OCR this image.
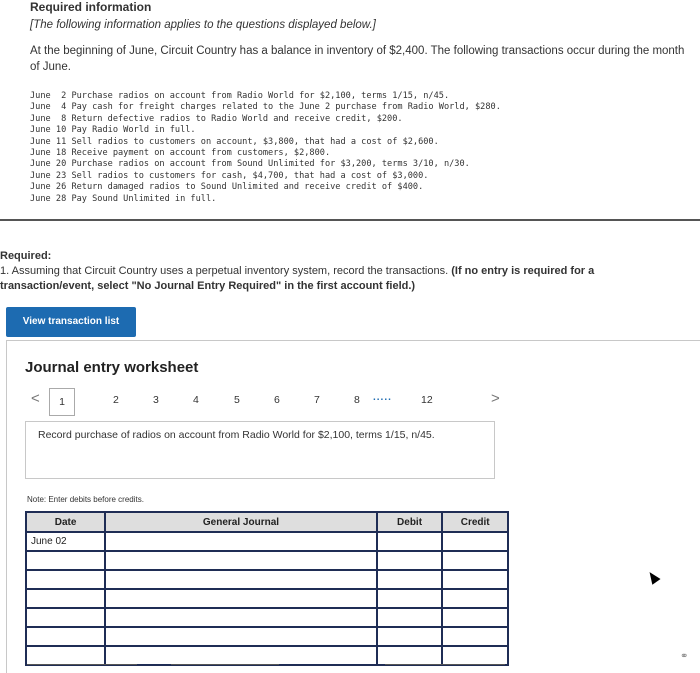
Required information
[The following information applies to the questions displayed below.]
At the beginning of June, Circuit Country has a balance in inventory of $2,400. The following transactions occur during the month of June.
June  2 Purchase radios on account from Radio World for $2,100, terms 1/15, n/45.
June  4 Pay cash for freight charges related to the June 2 purchase from Radio World, $280.
June  8 Return defective radios to Radio World and receive credit, $200.
June 10 Pay Radio World in full.
June 11 Sell radios to customers on account, $3,800, that had a cost of $2,600.
June 18 Receive payment on account from customers, $2,800.
June 20 Purchase radios on account from Sound Unlimited for $3,200, terms 3/10, n/30.
June 23 Sell radios to customers for cash, $4,700, that had a cost of $3,000.
June 26 Return damaged radios to Sound Unlimited and receive credit of $400.
June 28 Pay Sound Unlimited in full.
Required:
1. Assuming that Circuit Country uses a perpetual inventory system, record the transactions. (If no entry is required for a transaction/event, select "No Journal Entry Required" in the first account field.)
View transaction list
Journal entry worksheet
<	1	2	3	4	5	6	7	8 .....	12	>
Record purchase of radios on account from Radio World for $2,100, terms 1/15, n/45.
Note: Enter debits before credits.
Date	General Journal	Debit	Credit
June 02			

⚭
